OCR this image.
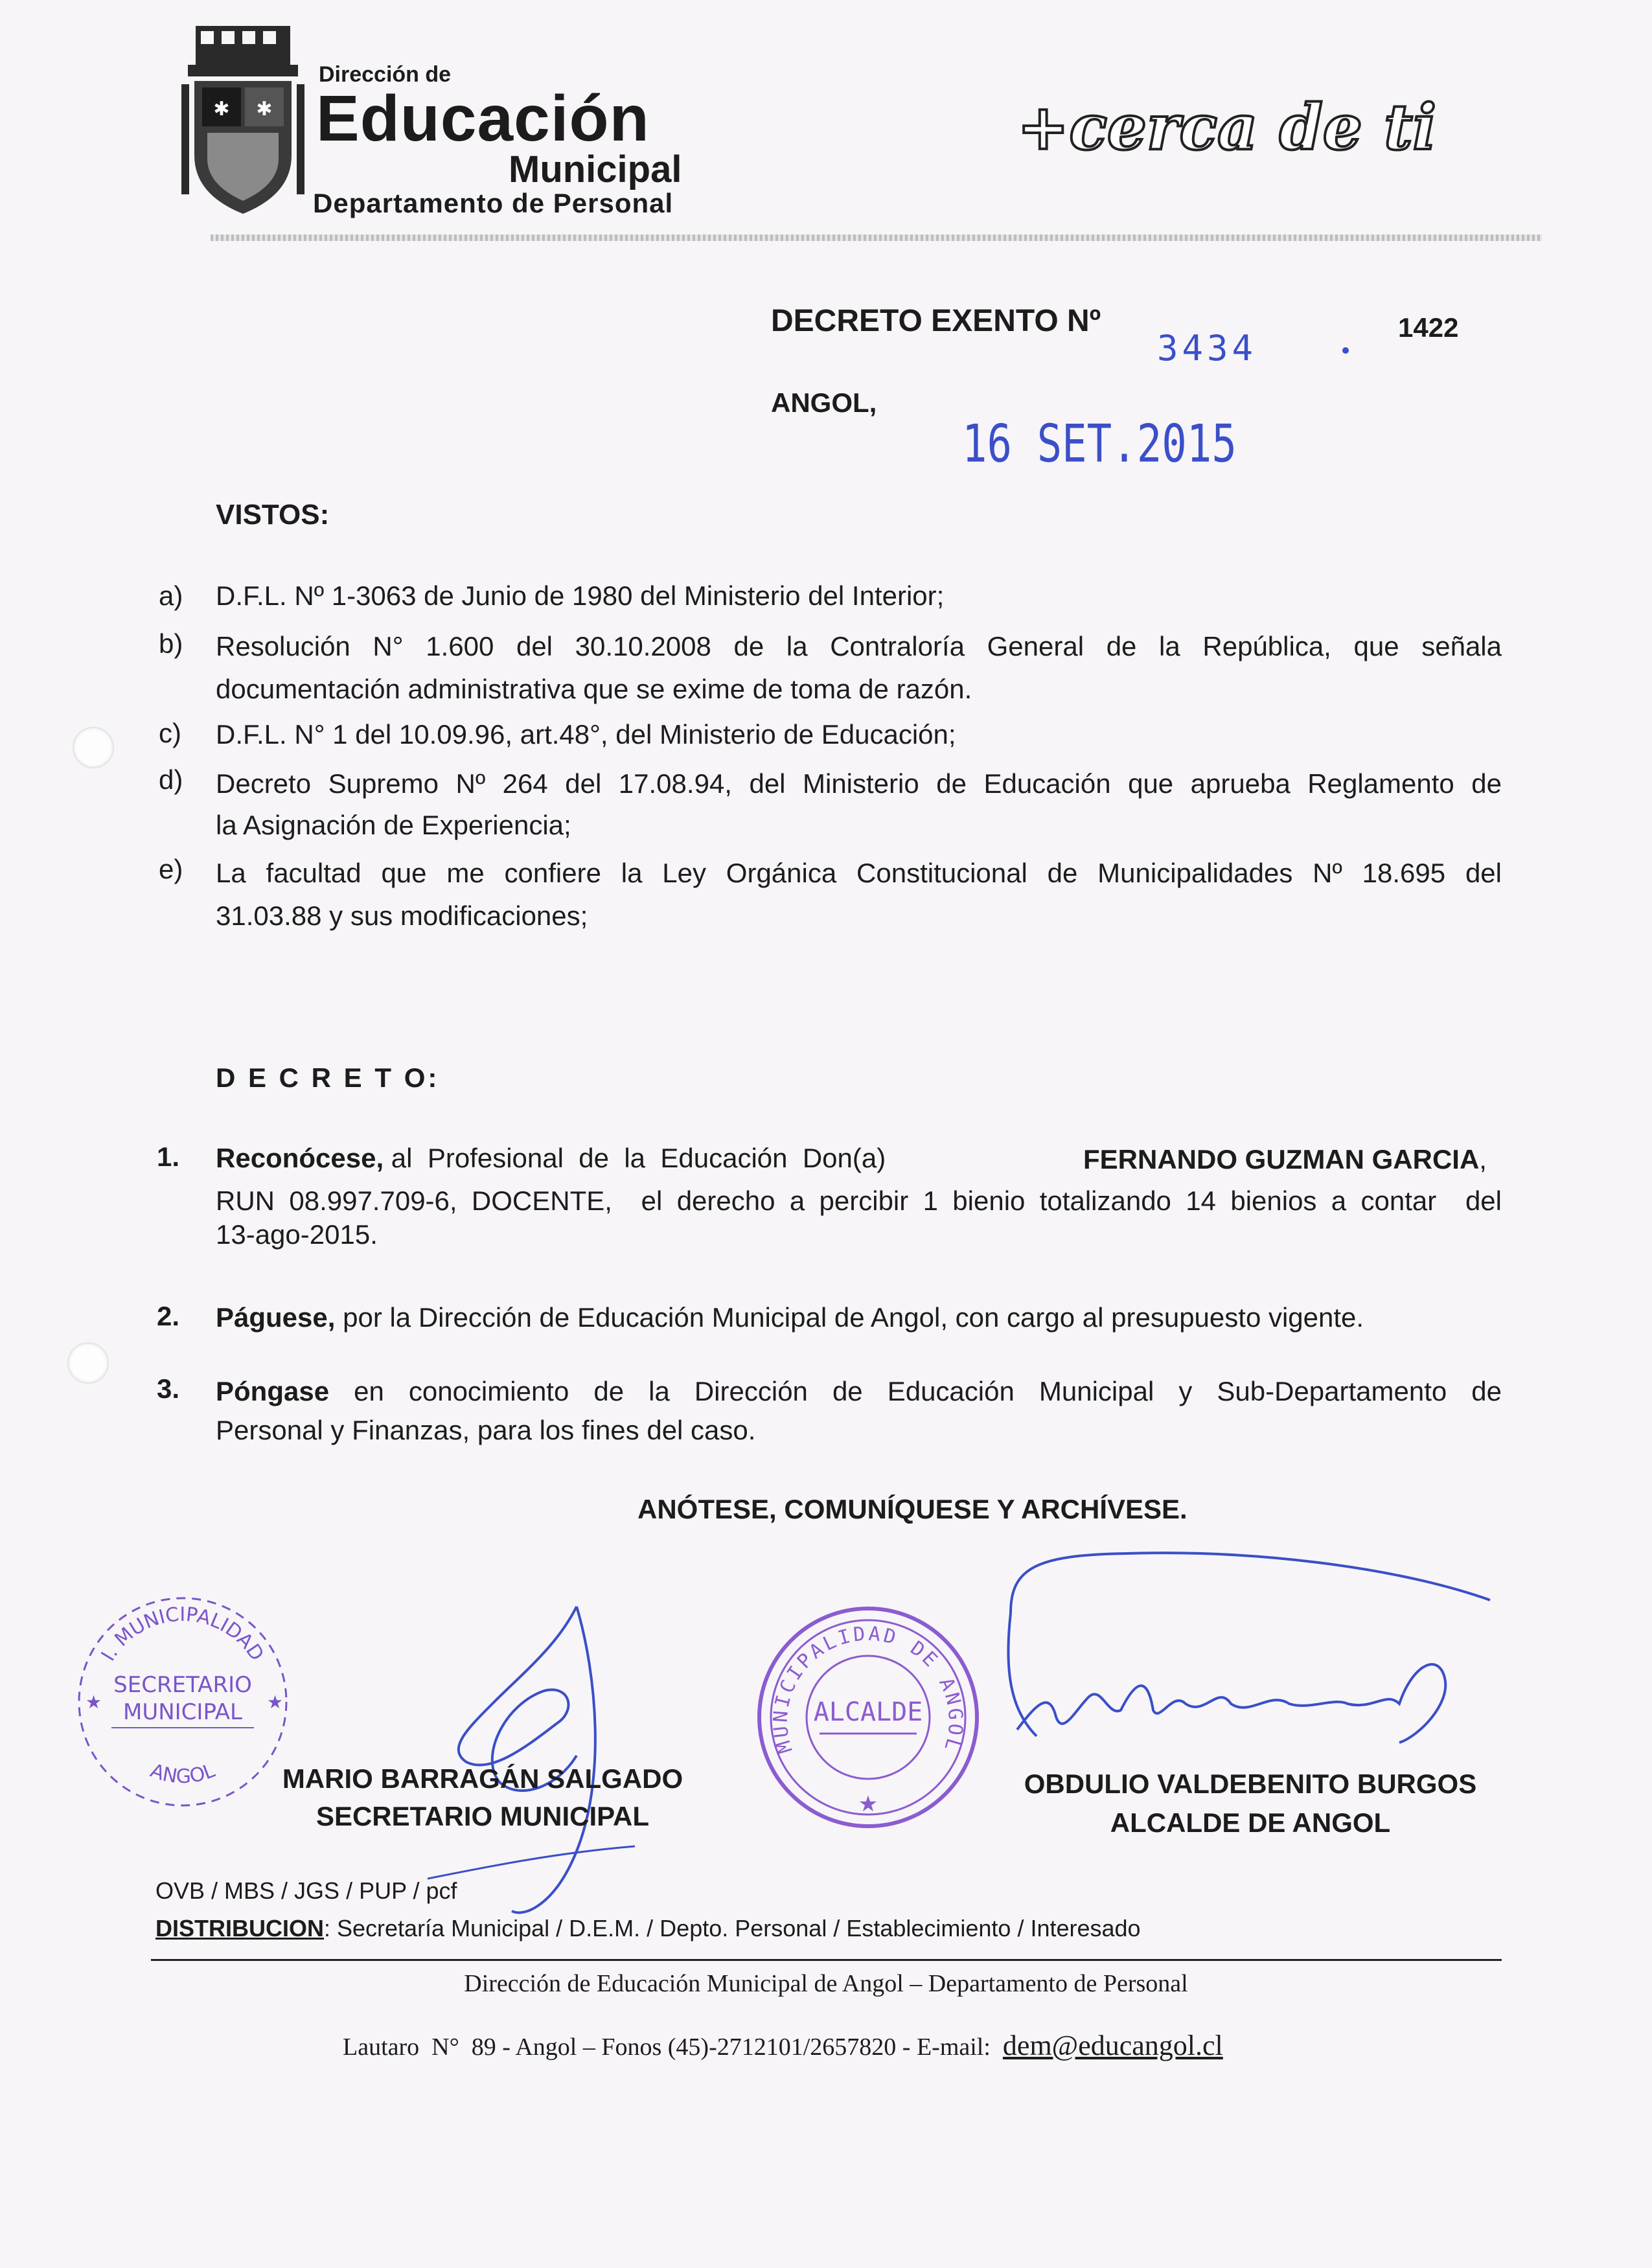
✱ ✱
Dirección de
Educación
Municipal
Departamento de Personal
+cerca de ti
DECRETO EXENTO Nº
3434
1422
ANGOL,
16 SET.2015
VISTOS:
a) D.F.L. Nº 1-3063 de Junio de 1980 del Ministerio del Interior;
b) Resolución N° 1.600 del 30.10.2008 de la Contraloría General de la República, que señala
documentación administrativa que se exime de toma de razón.
c) D.F.L. N° 1 del 10.09.96, art.48°, del Ministerio de Educación;
d) Decreto Supremo Nº 264 del 17.08.94, del Ministerio de Educación que aprueba Reglamento de
la Asignación de Experiencia;
e) La facultad que me confiere la Ley Orgánica Constitucional de Municipalidades Nº 18.695 del
31.03.88 y sus modificaciones;
D E C R E T O:
1. Reconócese, al  Profesional  de  la  Educación  Don(a)	FERNANDO GUZMAN GARCIA,
RUN 08.997.709-6, DOCENTE,  el derecho a percibir 1 bienio totalizando 14 bienios a contar  del
13-ago-2015.
2. Páguese, por la Dirección de Educación Municipal de Angol, con cargo al presupuesto vigente.
3. Póngase en conocimiento de la Dirección de Educación Municipal y Sub-Departamento de
Personal y Finanzas, para los fines del caso.
ANÓTESE, COMUNÍQUESE Y ARCHÍVESE.
I. MUNICIPALIDAD
SECRETARIO
MUNICIPAL
★	★
ANGOL
MUNICIPALIDAD DE ANGOL
ALCALDE
★
MARIO BARRAGÁN SALGADO
SECRETARIO MUNICIPAL
OBDULIO VALDEBENITO BURGOS
ALCALDE DE ANGOL
OVB / MBS / JGS / PUP / pcf
DISTRIBUCION: Secretaría Municipal / D.E.M. / Depto. Personal / Establecimiento / Interesado
Dirección de Educación Municipal de Angol – Departamento de Personal

Lautaro  N°  89 - Angol – Fonos (45)-2712101/2657820 - E-mail: dem@educangol.cl
